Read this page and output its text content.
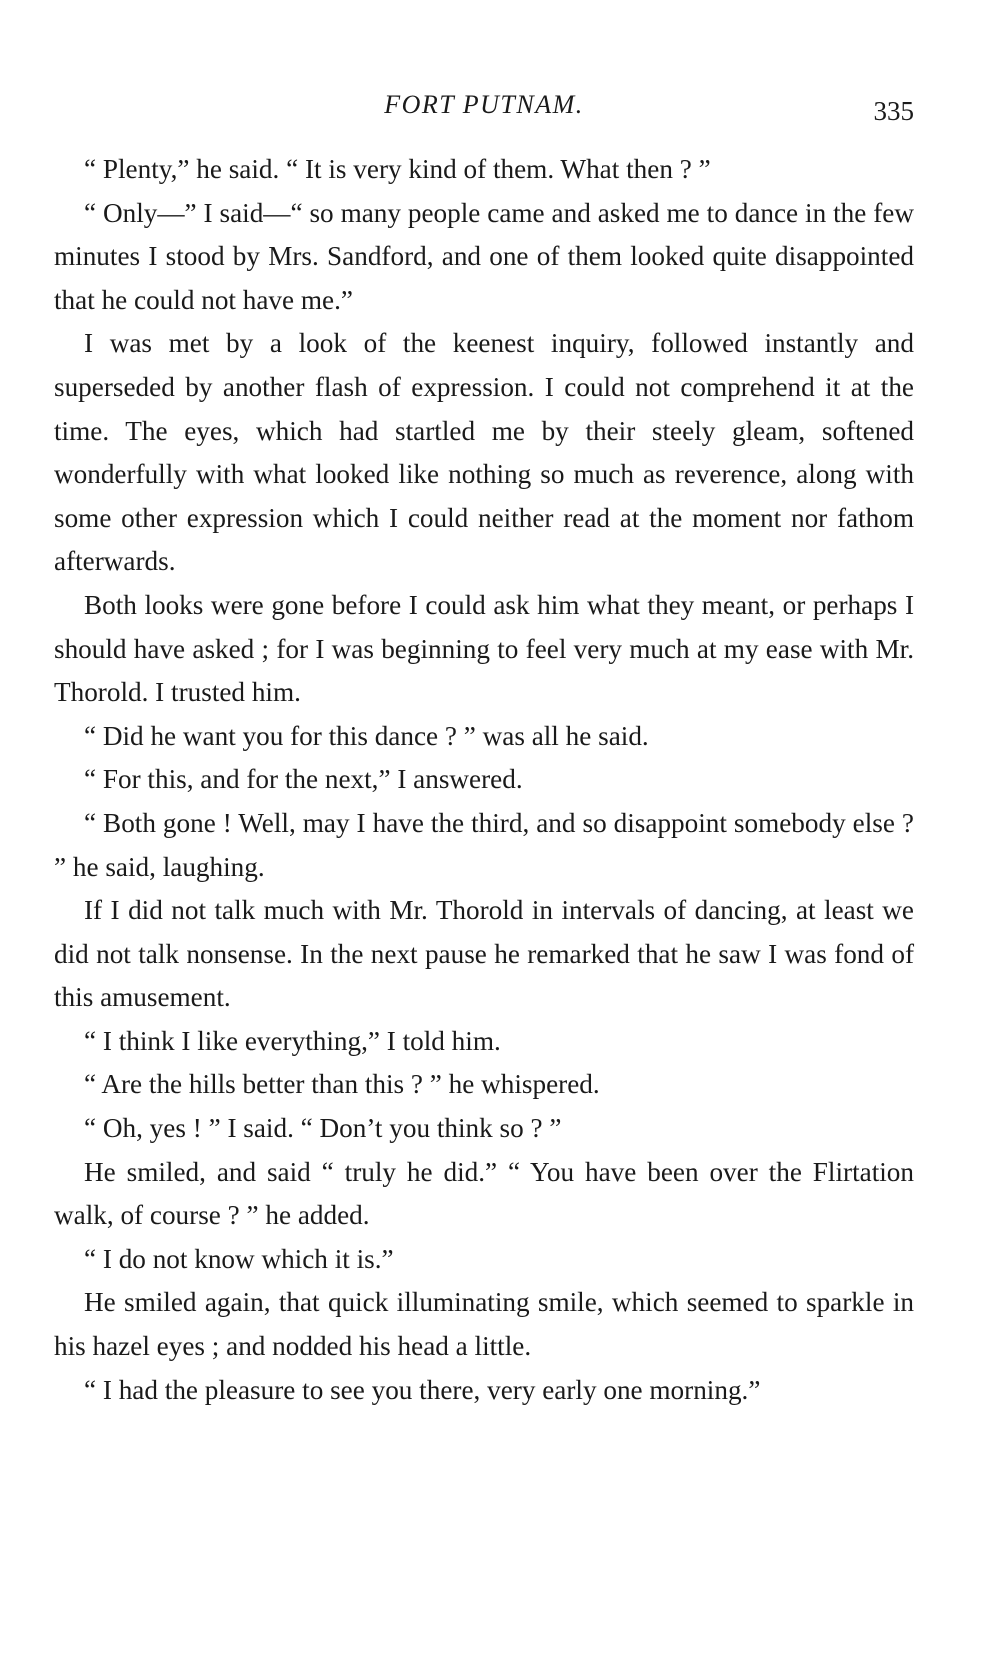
FORT PUTNAM.	335

“ Plenty,” he said. “ It is very kind of them. What then ? ”

“ Only—” I said—“ so many people came and asked me to dance in the few minutes I stood by Mrs. Sandford, and one of them looked quite disappointed that he could not have me.”

I was met by a look of the keenest inquiry, followed instantly and superseded by another flash of expression. I could not comprehend it at the time. The eyes, which had startled me by their steely gleam, softened wonderfully with what looked like nothing so much as reverence, along with some other expression which I could neither read at the moment nor fathom afterwards.

Both looks were gone before I could ask him what they meant, or perhaps I should have asked ; for I was beginning to feel very much at my ease with Mr. Thorold. I trusted him.

“ Did he want you for this dance ? ” was all he said.

“ For this, and for the next,” I answered.

“ Both gone ! Well, may I have the third, and so disappoint somebody else ? ” he said, laughing.

If I did not talk much with Mr. Thorold in intervals of dancing, at least we did not talk nonsense. In the next pause he remarked that he saw I was fond of this amusement.

“ I think I like everything,” I told him.

“ Are the hills better than this ? ” he whispered.

“ Oh, yes ! ” I said. “ Don’t you think so ? ”

He smiled, and said “ truly he did.” “ You have been over the Flirtation walk, of course ? ” he added.

“ I do not know which it is.”

He smiled again, that quick illuminating smile, which seemed to sparkle in his hazel eyes ; and nodded his head a little.

“ I had the pleasure to see you there, very early one morning.”
